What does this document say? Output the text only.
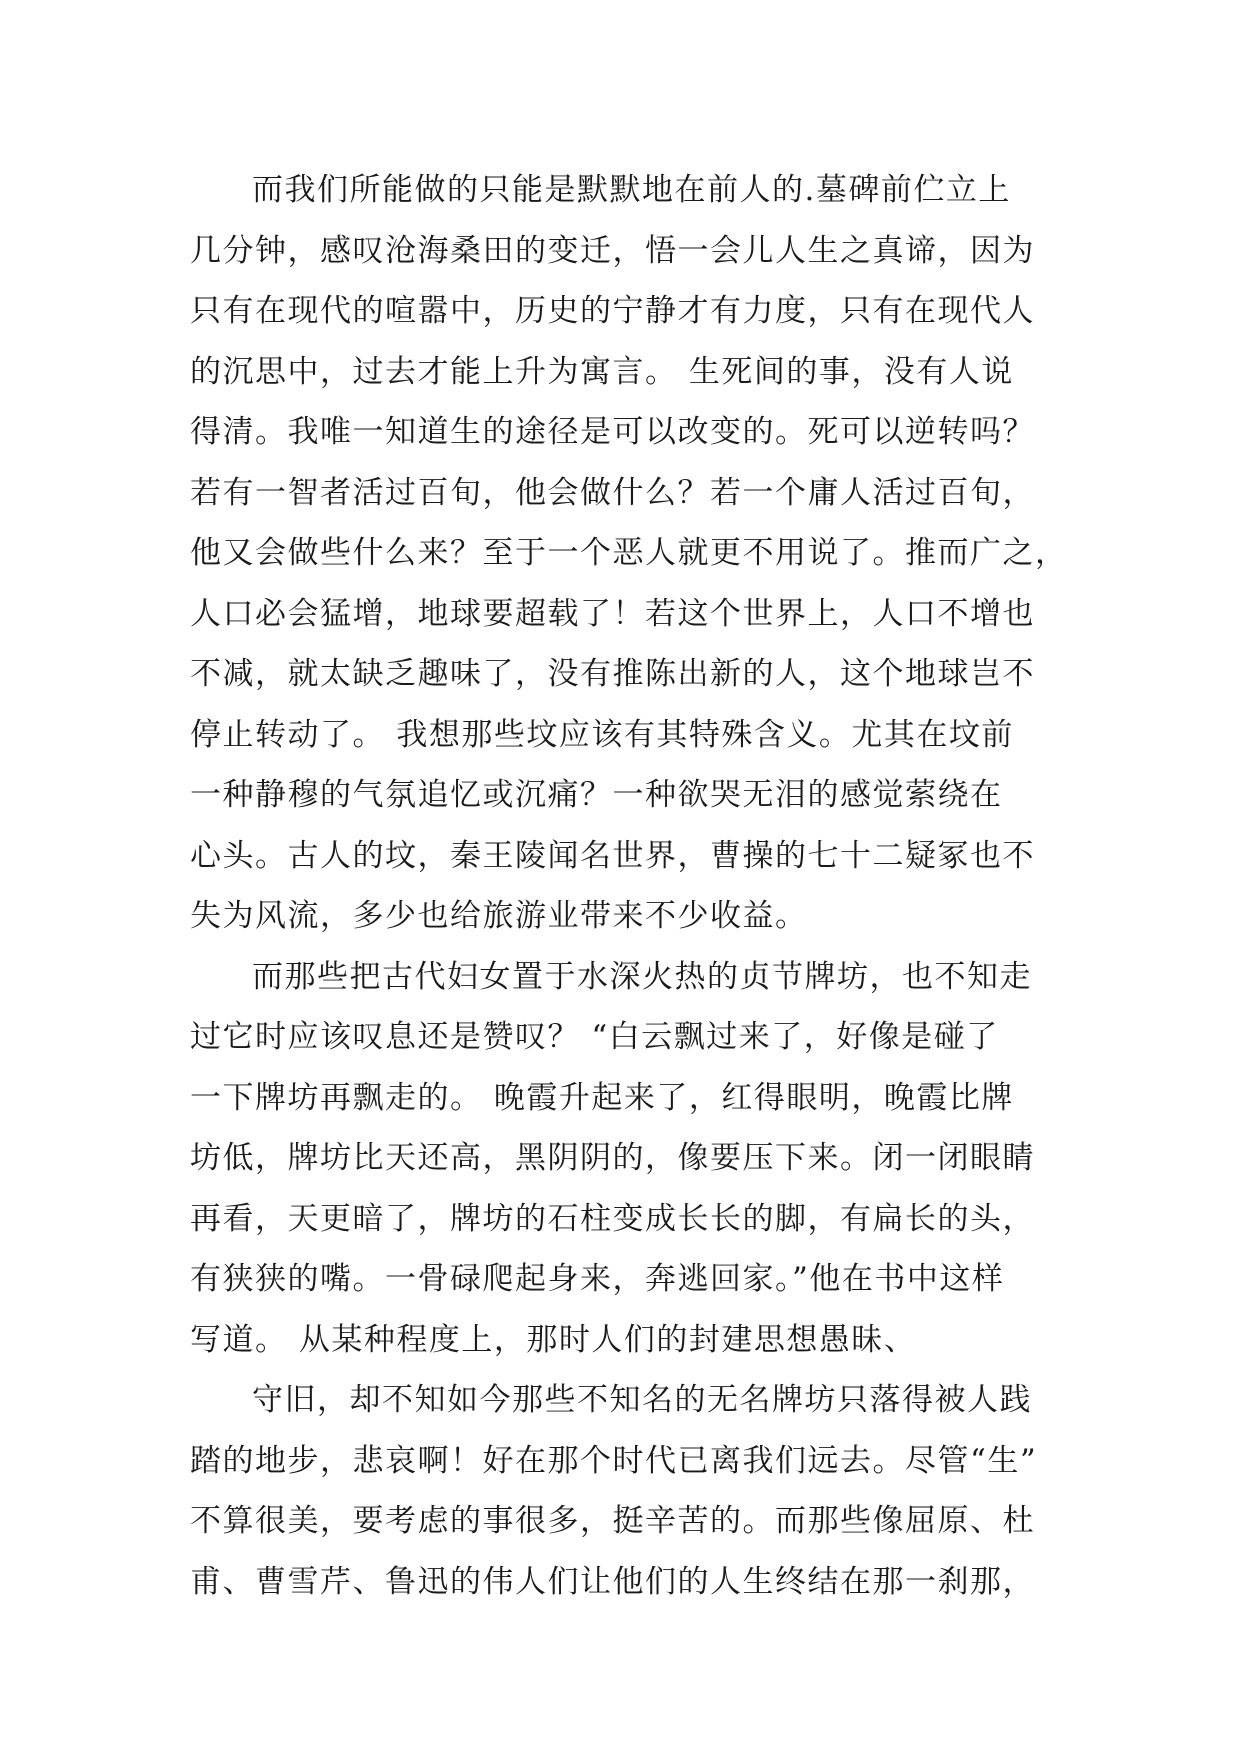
而我们所能做的只能是默默地在前人的.墓碑前伫立上
几分钟，感叹沧海桑田的变迁，悟一会儿人生之真谛，因为
只有在现代的喧嚣中，历史的宁静才有力度，只有在现代人
的沉思中，过去才能上升为寓言。 生死间的事，没有人说
得清。我唯一知道生的途径是可以改变的。死可以逆转吗？
若有一智者活过百旬，他会做什么？若一个庸人活过百旬，
他又会做些什么来？至于一个恶人就更不用说了。推而广之，
人口必会猛增，地球要超载了！若这个世界上，人口不增也
不减，就太缺乏趣味了，没有推陈出新的人，这个地球岂不
停止转动了。 我想那些坟应该有其特殊含义。尤其在坟前
一种静穆的气氛追忆或沉痛？一种欲哭无泪的感觉萦绕在
心头。古人的坟，秦王陵闻名世界，曹操的七十二疑冢也不
失为风流，多少也给旅游业带来不少收益。
而那些把古代妇女置于水深火热的贞节牌坊，也不知走
过它时应该叹息还是赞叹？ “白云飘过来了，好像是碰了
一下牌坊再飘走的。 晚霞升起来了，红得眼明，晚霞比牌
坊低，牌坊比天还高，黑阴阴的，像要压下来。闭一闭眼睛
再看，天更暗了，牌坊的石柱变成长长的脚，有扁长的头，
有狭狭的嘴。一骨碌爬起身来，奔逃回家。”他在书中这样
写道。 从某种程度上，那时人们的封建思想愚昧、
守旧，却不知如今那些不知名的无名牌坊只落得被人践
踏的地步，悲哀啊！好在那个时代已离我们远去。尽管“生”
不算很美，要考虑的事很多，挺辛苦的。而那些像屈原、杜
甫、曹雪芹、鲁迅的伟人们让他们的人生终结在那一刹那，
